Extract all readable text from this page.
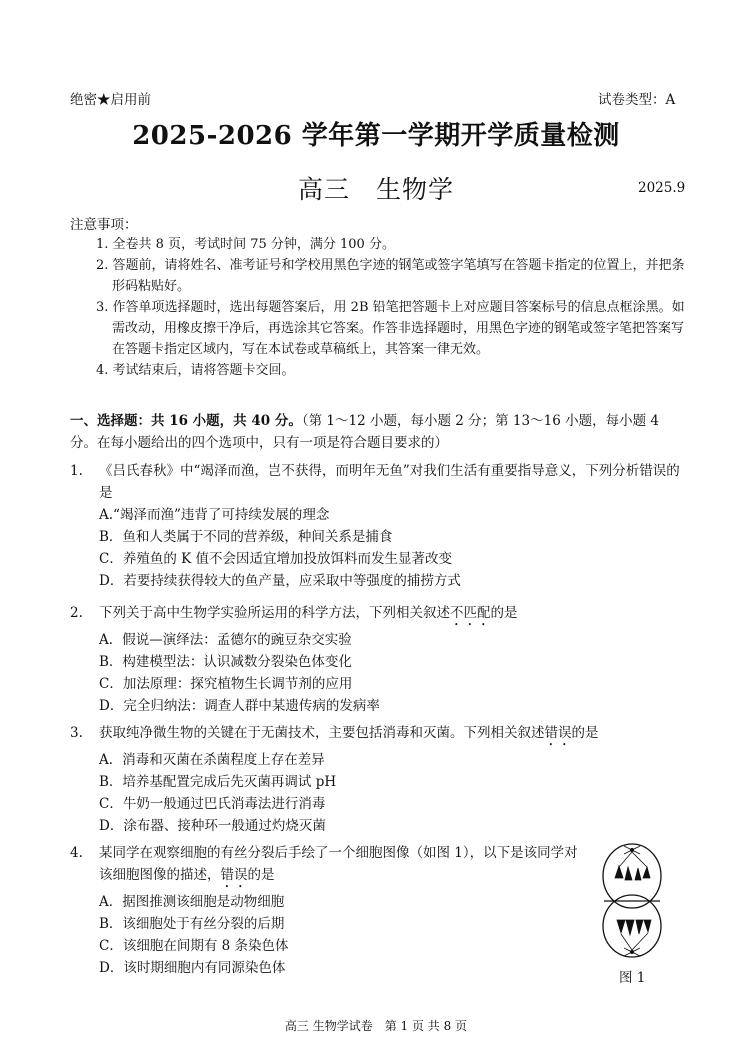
绝密★启用前	试卷类型：A
2025-2026 学年第一学期开学质量检测
高三　生物学	2025.9
注意事项：
1. 全卷共 8 页，考试时间 75 分钟，满分 100 分。
2. 答题前，请将姓名、准考证号和学校用黑色字迹的钢笔或签字笔填写在答题卡指定的位置上，并把条形码粘贴好。
3. 作答单项选择题时，选出每题答案后，用 2B 铅笔把答题卡上对应题目答案标号的信息点框涂黑。如需改动，用橡皮擦干净后，再选涂其它答案。作答非选择题时，用黑色字迹的钢笔或签字笔把答案写在答题卡指定区域内，写在本试卷或草稿纸上，其答案一律无效。
4. 考试结束后，请将答题卡交回。
一、选择题：共 16 小题，共 40 分。（第 1～12 小题，每小题 2 分；第 13～16 小题，每小题 4 分。在每小题给出的四个选项中，只有一项是符合题目要求的）
1. 《吕氏春秋》中“竭泽而渔，岂不获得，而明年无鱼”对我们生活有重要指导意义，下列分析错误的是
A.“竭泽而渔”违背了可持续发展的理念
B．鱼和人类属于不同的营养级，种间关系是捕食
C．养殖鱼的 K 值不会因适宜增加投放饵料而发生显著改变
D．若要持续获得较大的鱼产量，应采取中等强度的捕捞方式
2. 下列关于高中生物学实验所运用的科学方法，下列相关叙述不匹配的是
A．假说—演绎法：孟德尔的豌豆杂交实验
B．构建模型法：认识减数分裂染色体变化
C．加法原理：探究植物生长调节剂的应用
D．完全归纳法：调查人群中某遗传病的发病率
3. 获取纯净微生物的关键在于无菌技术，主要包括消毒和灭菌。下列相关叙述错误的是
A．消毒和灭菌在杀菌程度上存在差异
B．培养基配置完成后先灭菌再调试 pH
C．牛奶一般通过巴氏消毒法进行消毒
D．涂布器、接种环一般通过灼烧灭菌
4. 某同学在观察细胞的有丝分裂后手绘了一个细胞图像（如图 1），以下是该同学对该细胞图像的描述，错误的是
A．据图推测该细胞是动物细胞
B．该细胞处于有丝分裂的后期
C．该细胞在间期有 8 条染色体
D．该时期细胞内有同源染色体
图 1
高三 生物学试卷　第 1 页 共 8 页
